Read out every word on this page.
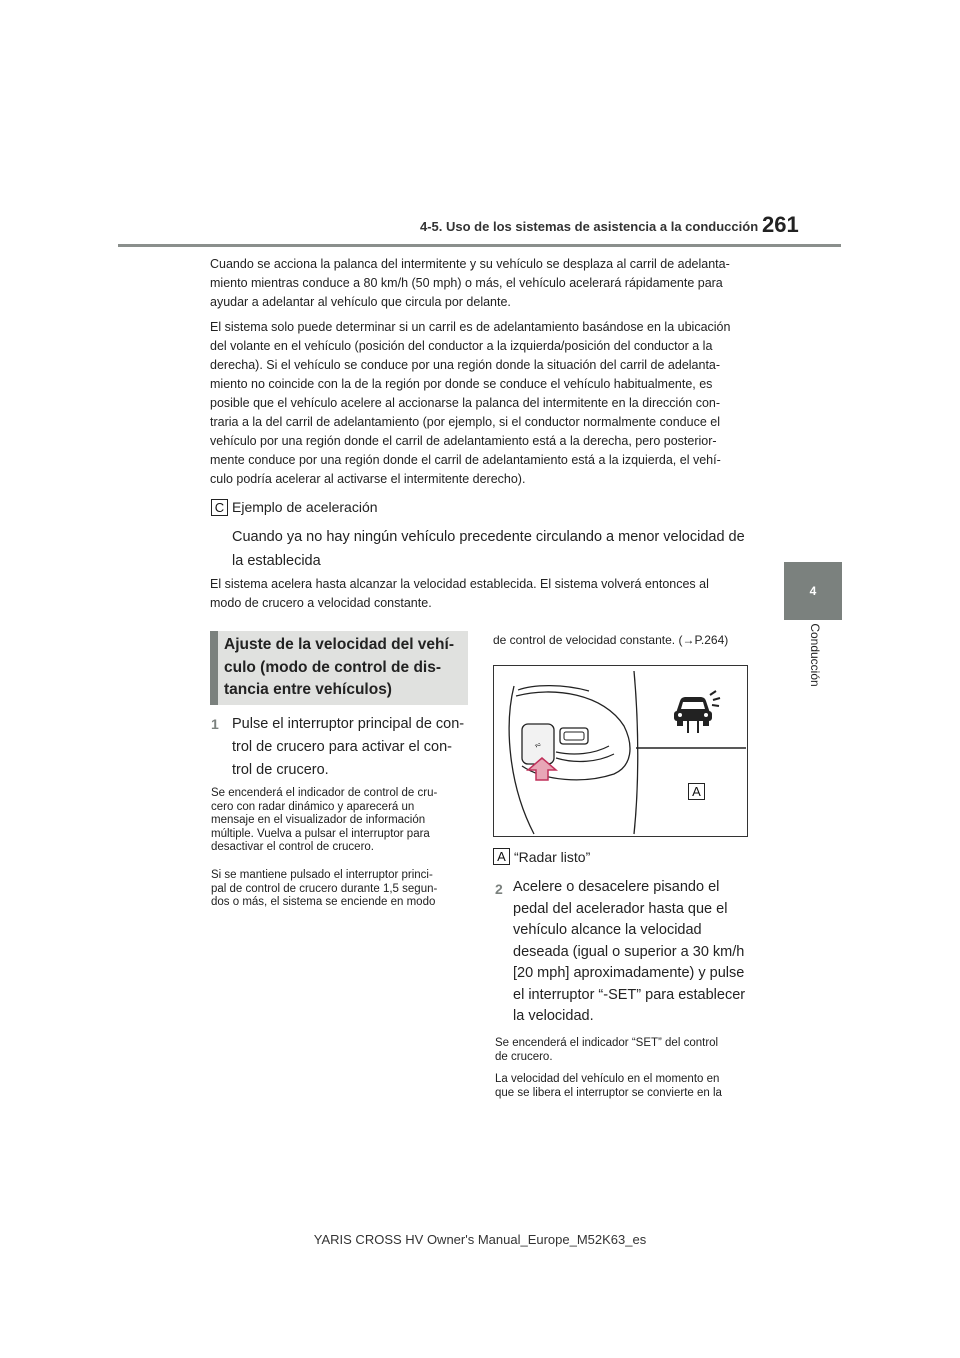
4-5. Uso de los sistemas de asistencia a la conducción 261
4
Conducción

Cuando se acciona la palanca del intermitente y su vehículo se desplaza al carril de adelanta-
miento mientras conduce a 80 km/h (50 mph) o más, el vehículo acelerará rápidamente para
ayudar a adelantar al vehículo que circula por delante.

El sistema solo puede determinar si un carril es de adelantamiento basándose en la ubicación
del volante en el vehículo (posición del conductor a la izquierda/posición del conductor a la
derecha). Si el vehículo se conduce por una región donde la situación del carril de adelanta-
miento no coincide con la de la región por donde se conduce el vehículo habitualmente, es
posible que el vehículo acelere al accionarse la palanca del intermitente en la dirección con-
traria a la del carril de adelantamiento (por ejemplo, si el conductor normalmente conduce el
vehículo por una región donde el carril de adelantamiento está a la derecha, pero posterior-
mente conduce por una región donde el carril de adelantamiento está a la izquierda, el vehí-
culo podría acelerar al activarse el intermitente derecho).

C Ejemplo de aceleración

Cuando ya no hay ningún vehículo precedente circulando a menor velocidad de
la establecida

El sistema acelera hasta alcanzar la velocidad establecida. El sistema volverá entonces al
modo de crucero a velocidad constante.

Ajuste de la velocidad del vehí-
culo (modo de control de dis-
tancia entre vehículos)

1 Pulse el interruptor principal de con-
trol de crucero para activar el con-
trol de crucero.

Se encenderá el indicador de control de cru-
cero con radar dinámico y aparecerá un
mensaje en el visualizador de información
múltiple. Vuelva a pulsar el interruptor para
desactivar el control de crucero.

Si se mantiene pulsado el interruptor princi-
pal de control de crucero durante 1,5 segun-
dos o más, el sistema se enciende en modo

de control de velocidad constante. (→P.264)
⩫
A
A “Radar listo”
2 Acelere o desacelere pisando el
pedal del acelerador hasta que el
vehículo alcance la velocidad
deseada (igual o superior a 30 km/h
[20 mph] aproximadamente) y pulse
el interruptor “-SET” para establecer
la velocidad.

Se encenderá el indicador “SET” del control
de crucero.

La velocidad del vehículo en el momento en
que se libera el interruptor se convierte en la

YARIS CROSS HV Owner's Manual_Europe_M52K63_es
